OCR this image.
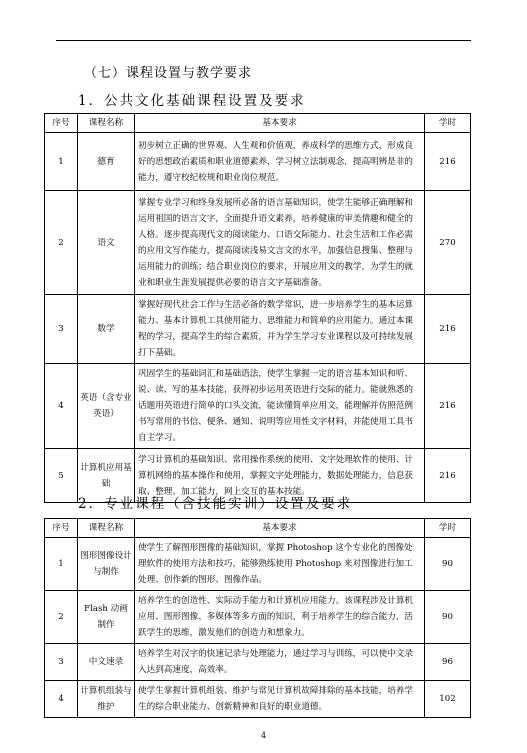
（七）课程设置与教学要求
1．公共文化基础课程设置及要求
序号	课程名称	基本要求	学时
1	德育	初步树立正确的世界观、人生观和价值观，养成科学的思维方式，形成良好的思想政治素质和职业道德素养，学习树立法制观念，提高明辨是非的能力，遵守校纪校规和职业岗位规范。	216
2	语文	掌握专业学习和终身发展所必备的语言基础知识，使学生能够正确理解和运用祖国的语言文字，全面提升语文素养，培养健康的审美情趣和健全的人格。逐步提高现代文的阅读能力、口语交际能力、社会生活和工作必需的应用文写作能力，提高阅读浅易文言文的水平，加强信息搜集、整理与运用能力的训练；结合职业岗位的要求，开展应用文的教学，为学生的就业和职业生涯发展提供必要的语言文字基础准备。	270
3	数学	掌握好现代社会工作与生活必备的数学常识，进一步培养学生的基本运算能力、基本计算机工具使用能力、思维能力和简单的应用能力。通过本课程的学习，提高学生的综合素质，并为学生学习专业课程以及可持续发展打下基础。	216
4	英语（含专业英语）	巩固学生的基础词汇和基础语法，使学生掌握一定的语言基本知识和听、说、读、写的基本技能，获得初步运用英语进行交际的能力。能就熟悉的话题用英语进行简单的口头交流，能读懂简单应用文，能理解并仿照范例书写常用的书信、便条、通知、说明等应用性文字材料，并能使用工具书自主学习。	216
5	计算机应用基础	学习计算机的基础知识、常用操作系统的使用、文字处理软件的使用、计算机网络的基本操作和使用，掌握文字处理能力，数据处理能力，信息获取、整理、加工能力，网上交互的基本技能。	216
2．专业课程（含技能实训）设置及要求
序号	课程名称	基本要求	学时
1	图形图像设计与制作	使学生了解图形图像的基础知识，掌握 Photoshop 这个专业化的图像处理软件的使用方法和技巧，能够熟练使用 Photoshop 来对图像进行加工处理、创作新的图形、图像作品。	90
2	Flash 动画制作	培养学生的创造性、实际动手能力和计算机应用能力。该课程涉及计算机应用、图形图像、多媒体等多方面的知识，利于培养学生的综合能力，活跃学生的思维，激发他们的创造力和想象力。	90
3	中文速录	培养学生对汉字的快速记录与处理能力，通过学习与训练，可以使中文录入达到高速度，高效率。	96
4	计算机组装与维护	使学生掌握计算机组装、维护与常见计算机故障排除的基本技能，培养学生的综合职业能力、创新精神和良好的职业道德。	102
4
